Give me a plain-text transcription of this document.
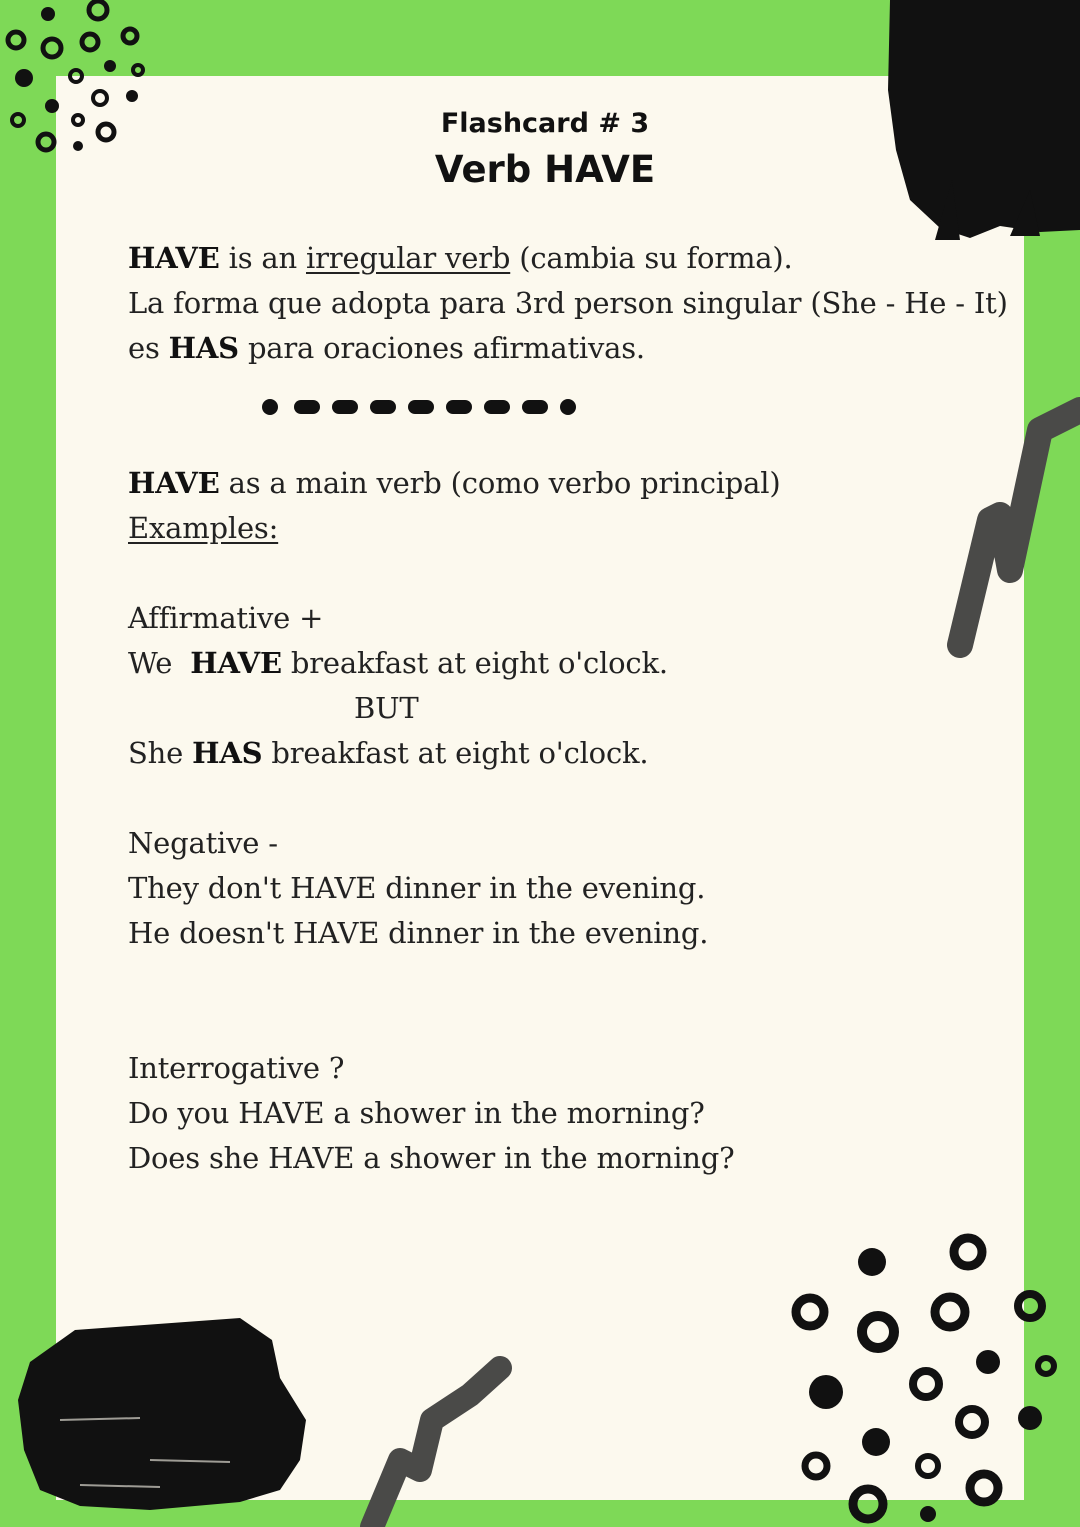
Flashcard # 3
Verb HAVE
HAVE is an irregular verb (cambia su forma).
La forma que adopta para 3rd person singular (She - He - It)
es HAS para oraciones afirmativas.
HAVE as a main verb (como verbo principal)
Examples:
Affirmative +
We  HAVE breakfast at eight o'clock.
BUT
She HAS breakfast at eight o'clock.
Negative -
They don't HAVE dinner in the evening.
He doesn't HAVE dinner in the evening.
Interrogative ?
Do you HAVE a shower in the morning?
Does she HAVE a shower in the morning?
